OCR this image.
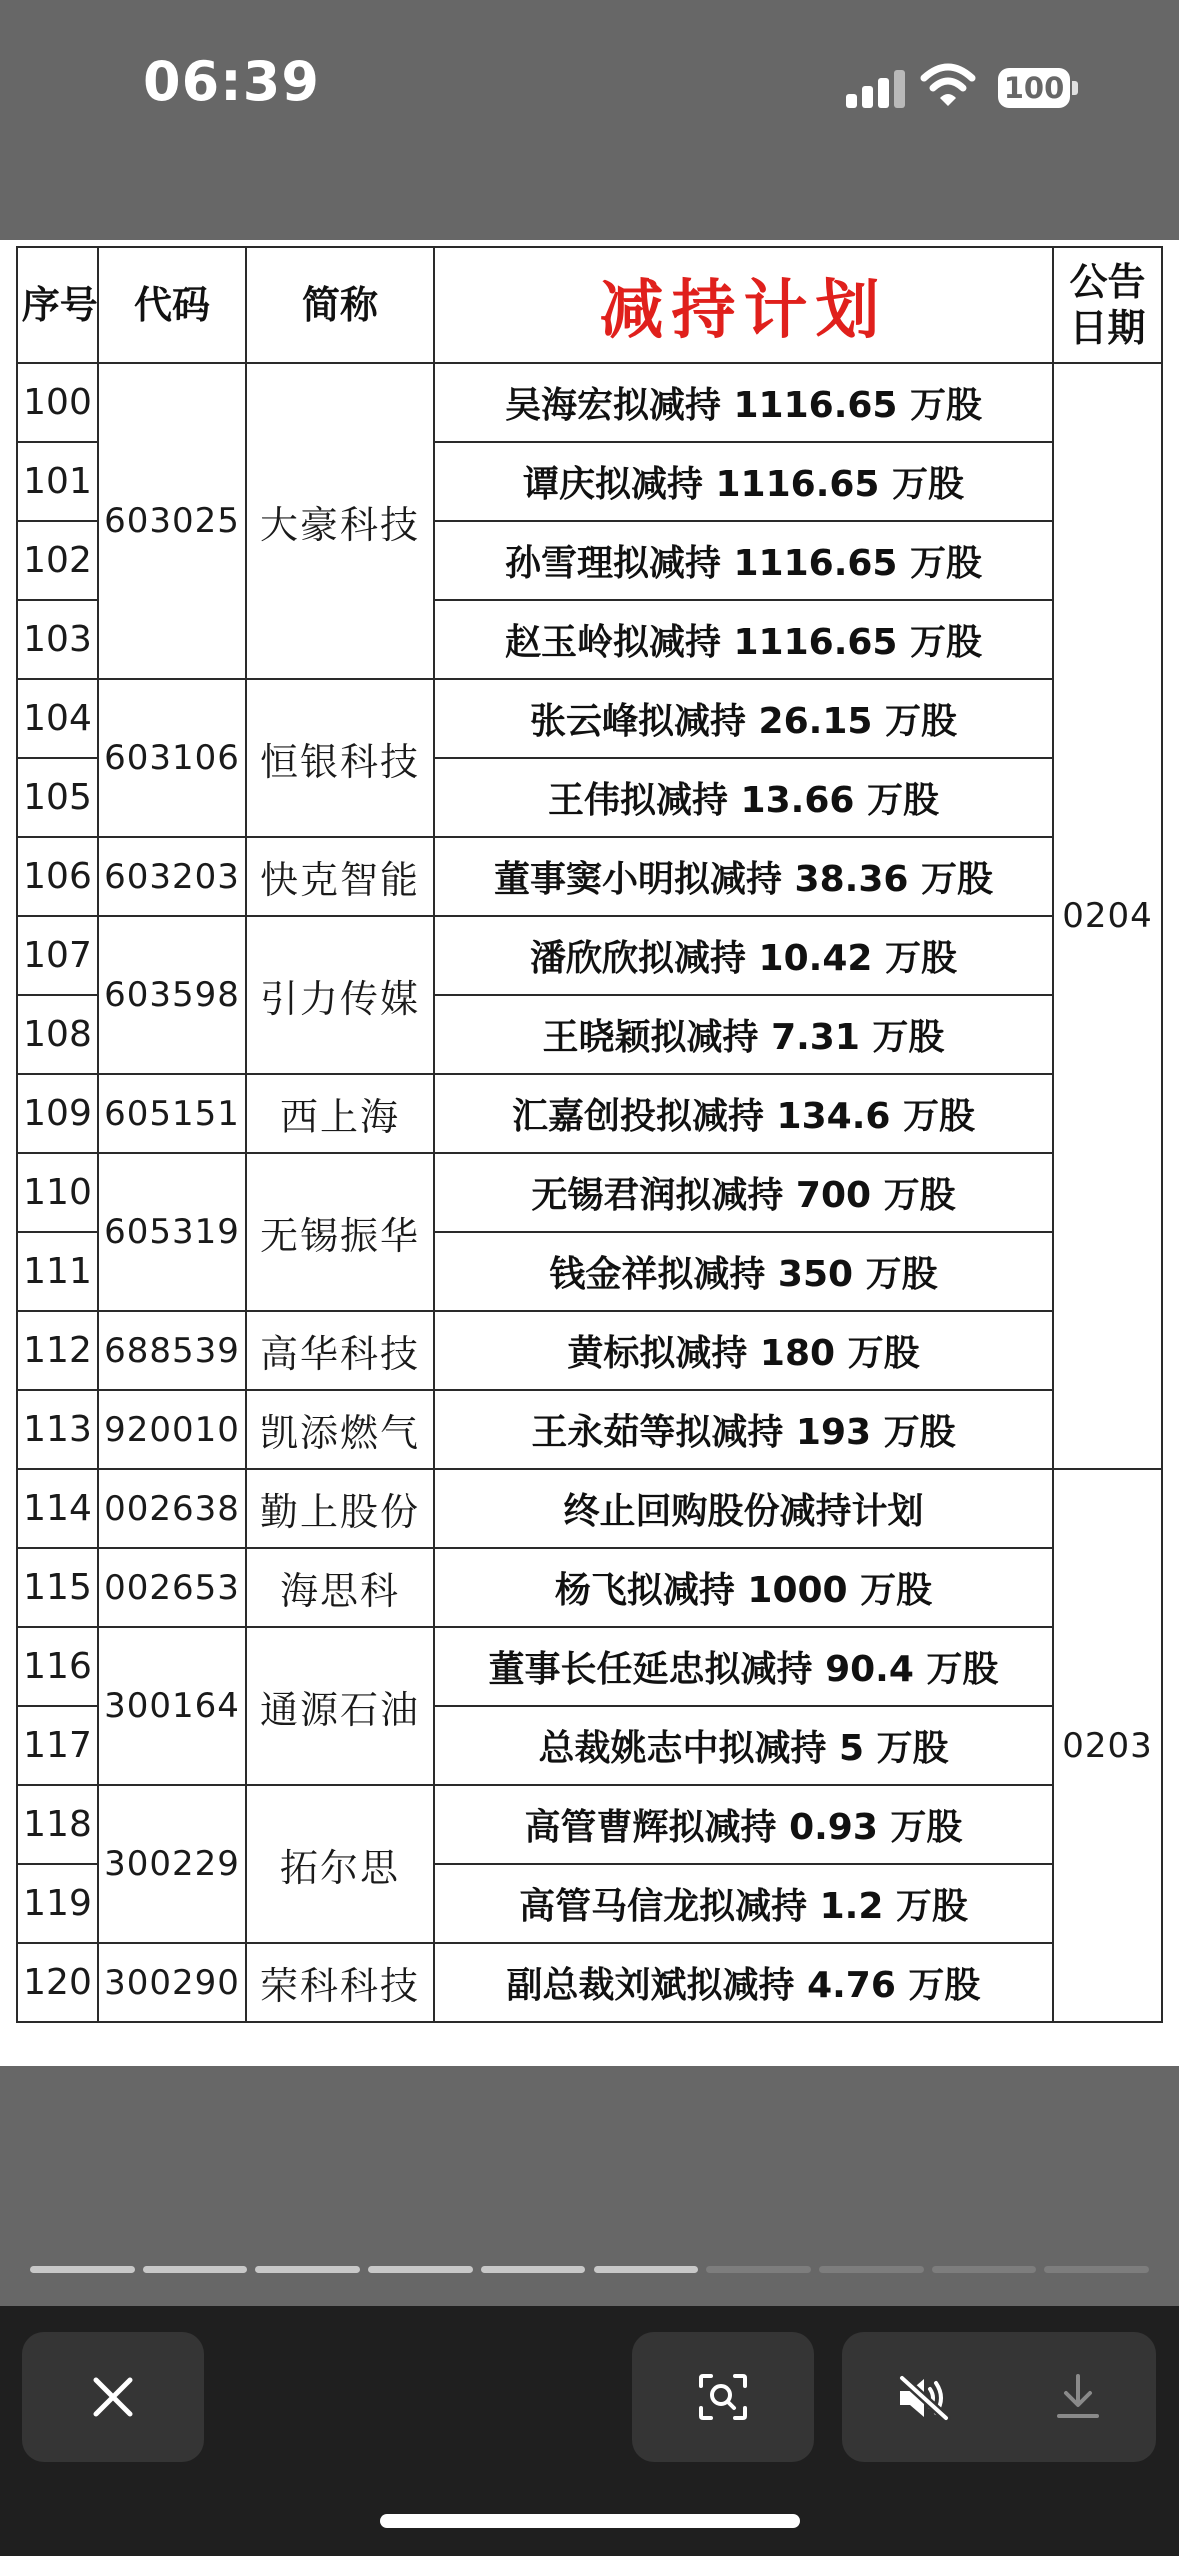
06:39	100
序号	代码	简称	减持计划	公告日期

100	603025	大豪科技	吴海宏拟减持 1116.65 万股	0204
101			谭庆拟减持 1116.65 万股	
102			孙雪理拟减持 1116.65 万股	
103			赵玉岭拟减持 1116.65 万股	
104	603106	恒银科技	张云峰拟减持 26.15 万股	
105			王伟拟减持 13.66 万股	
106	603203	快克智能	董事窦小明拟减持 38.36 万股	
107	603598	引力传媒	潘欣欣拟减持 10.42 万股	
108			王晓颖拟减持 7.31 万股	
109	605151	西上海	汇嘉创投拟减持 134.6 万股	
110	605319	无锡振华	无锡君润拟减持 700 万股	
111			钱金祥拟减持 350 万股	
112	688539	高华科技	黄标拟减持 180 万股	
113	920010	凯添燃气	王永茹等拟减持 193 万股	
114	002638	勤上股份	终止回购股份减持计划	0203
115	002653	海思科	杨飞拟减持 1000 万股	
116	300164	通源石油	董事长任延忠拟减持 90.4 万股	
117			总裁姚志中拟减持 5 万股	
118	300229	拓尔思	高管曹辉拟减持 0.93 万股	
119			高管马信龙拟减持 1.2 万股	
120	300290	荣科科技	副总裁刘斌拟减持 4.76 万股	
